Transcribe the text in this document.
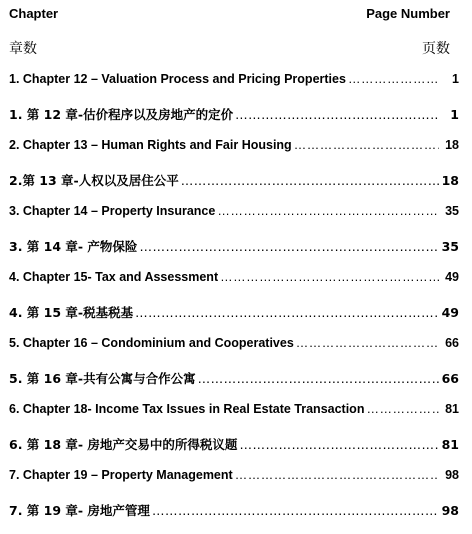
Chapter	Page Number
章数	页数
1. Chapter 12 – Valuation Process and Pricing Properties ………………………………………………………………………………………………………………………………………………	1
1. 第 12 章-估价程序以及房地产的定价 ………………………………………………………………………………………………………………………………………………	1
2. Chapter 13 – Human Rights and Fair Housing ………………………………………………………………………………………………………………………………………………	18
2.第 13 章-人权以及居住公平 ………………………………………………………………………………………………………………………………………………	18
3. Chapter 14 – Property Insurance ………………………………………………………………………………………………………………………………………………	35
3. 第 14 章- 产物保险 ………………………………………………………………………………………………………………………………………………	35
4. Chapter 15- Tax and Assessment ………………………………………………………………………………………………………………………………………………	49
4. 第 15 章-税基税基 ………………………………………………………………………………………………………………………………………………	49
5. Chapter 16 – Condominium and Cooperatives ………………………………………………………………………………………………………………………………………………	66
5. 第 16 章-共有公寓与合作公寓 ………………………………………………………………………………………………………………………………………………	66
6. Chapter 18- Income Tax Issues in Real Estate Transaction ………………………………………………………………………………………………………………………………………………	81
6. 第 18 章- 房地产交易中的所得税议题 ………………………………………………………………………………………………………………………………………………	81
7. Chapter 19 – Property Management ………………………………………………………………………………………………………………………………………………	98
7. 第 19 章- 房地产管理 ………………………………………………………………………………………………………………………………………………	98
